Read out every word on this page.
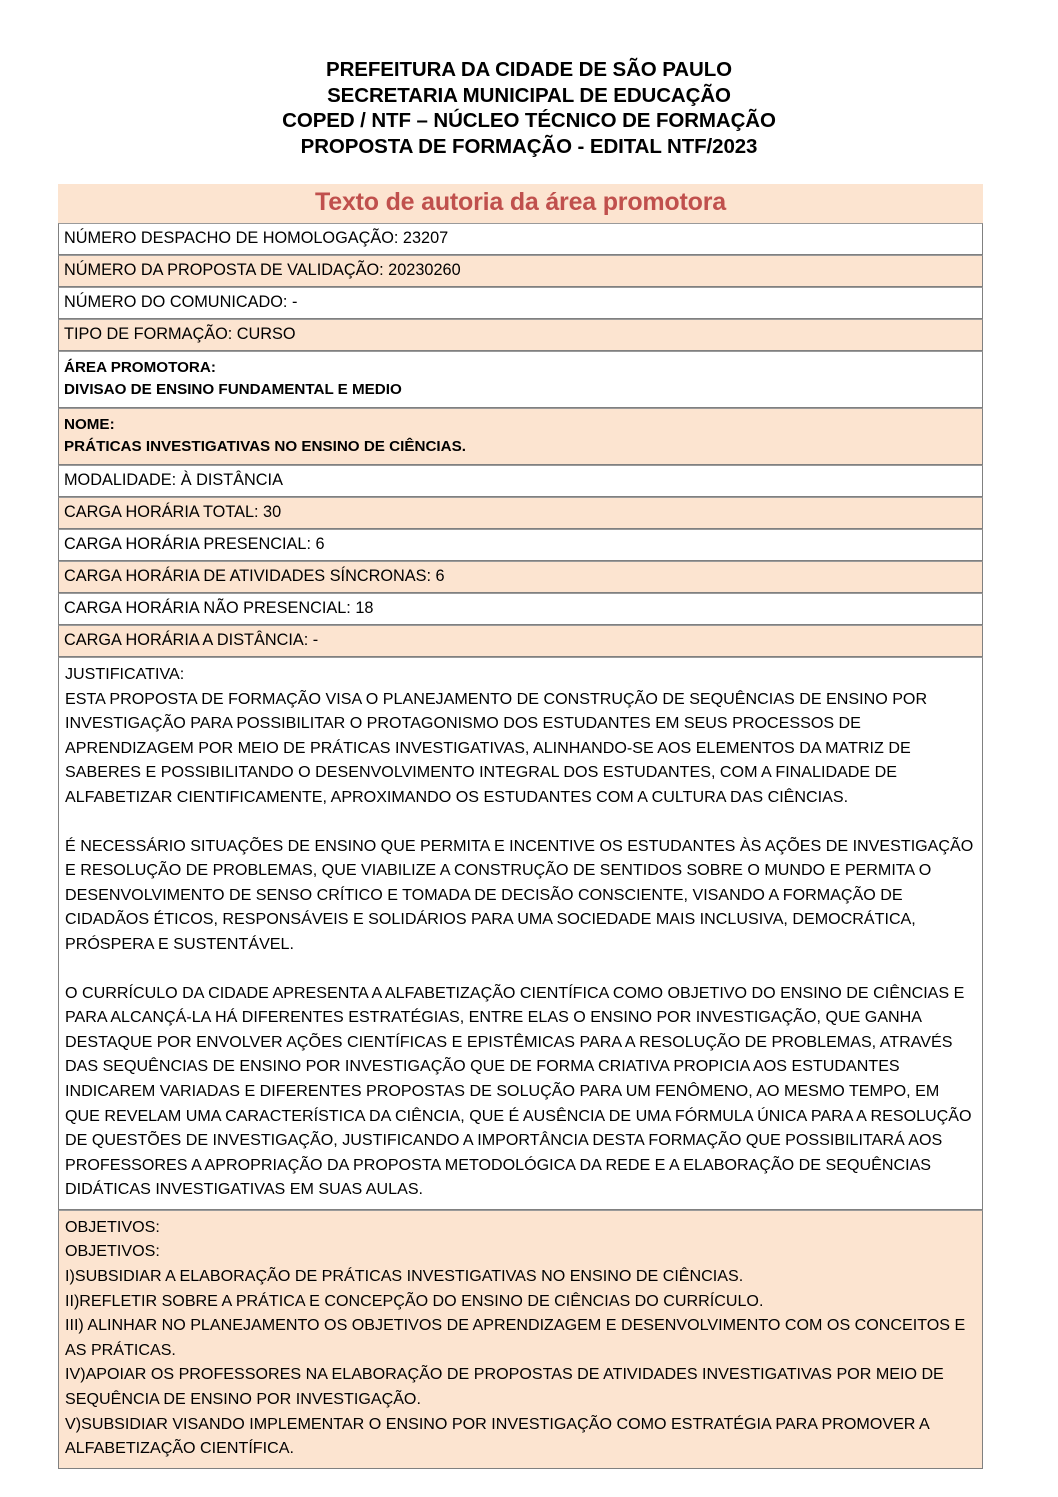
PREFEITURA DA CIDADE DE SÃO PAULO
SECRETARIA MUNICIPAL DE EDUCAÇÃO
COPED / NTF – NÚCLEO TÉCNICO DE FORMAÇÃO
PROPOSTA DE FORMAÇÃO - EDITAL NTF/2023
Texto de autoria da área promotora
NÚMERO DESPACHO DE HOMOLOGAÇÃO: 23207
NÚMERO DA PROPOSTA DE VALIDAÇÃO: 20230260
NÚMERO DO COMUNICADO: -
TIPO DE FORMAÇÃO: CURSO

ÁREA PROMOTORA:
DIVISAO DE ENSINO FUNDAMENTAL E MEDIO

NOME:
PRÁTICAS INVESTIGATIVAS NO ENSINO DE CIÊNCIAS.

MODALIDADE: À DISTÂNCIA
CARGA HORÁRIA TOTAL: 30
CARGA HORÁRIA PRESENCIAL: 6
CARGA HORÁRIA DE ATIVIDADES SÍNCRONAS: 6
CARGA HORÁRIA NÃO PRESENCIAL: 18
CARGA HORÁRIA A DISTÂNCIA: -

JUSTIFICATIVA:

ESTA PROPOSTA DE FORMAÇÃO VISA O PLANEJAMENTO DE CONSTRUÇÃO DE SEQUÊNCIAS DE ENSINO POR INVESTIGAÇÃO PARA POSSIBILITAR O PROTAGONISMO DOS ESTUDANTES EM SEUS PROCESSOS DE APRENDIZAGEM POR MEIO DE PRÁTICAS INVESTIGATIVAS, ALINHANDO-SE AOS ELEMENTOS DA MATRIZ DE SABERES E POSSIBILITANDO O DESENVOLVIMENTO INTEGRAL DOS ESTUDANTES, COM A FINALIDADE DE ALFABETIZAR CIENTIFICAMENTE, APROXIMANDO OS ESTUDANTES COM A CULTURA DAS CIÊNCIAS.

É NECESSÁRIO SITUAÇÕES DE ENSINO QUE PERMITA E INCENTIVE OS ESTUDANTES ÀS AÇÕES DE INVESTIGAÇÃO E RESOLUÇÃO DE PROBLEMAS, QUE VIABILIZE A CONSTRUÇÃO DE SENTIDOS SOBRE O MUNDO E PERMITA O DESENVOLVIMENTO DE SENSO CRÍTICO E TOMADA DE DECISÃO CONSCIENTE, VISANDO A FORMAÇÃO DE CIDADÃOS ÉTICOS, RESPONSÁVEIS E SOLIDÁRIOS PARA UMA SOCIEDADE MAIS INCLUSIVA, DEMOCRÁTICA, PRÓSPERA E SUSTENTÁVEL.

O CURRÍCULO DA CIDADE APRESENTA A ALFABETIZAÇÃO CIENTÍFICA COMO OBJETIVO DO ENSINO DE CIÊNCIAS E PARA ALCANÇÁ-LA HÁ DIFERENTES ESTRATÉGIAS, ENTRE ELAS O ENSINO POR INVESTIGAÇÃO, QUE GANHA DESTAQUE POR ENVOLVER AÇÕES CIENTÍFICAS E EPISTÊMICAS PARA A RESOLUÇÃO DE PROBLEMAS, ATRAVÉS DAS SEQUÊNCIAS DE ENSINO POR INVESTIGAÇÃO QUE DE FORMA CRIATIVA PROPICIA AOS ESTUDANTES INDICAREM VARIADAS E DIFERENTES PROPOSTAS DE SOLUÇÃO PARA UM FENÔMENO, AO MESMO TEMPO, EM QUE REVELAM UMA CARACTERÍSTICA DA CIÊNCIA, QUE É AUSÊNCIA DE UMA FÓRMULA ÚNICA PARA A RESOLUÇÃO DE QUESTÕES DE INVESTIGAÇÃO, JUSTIFICANDO A IMPORTÂNCIA DESTA FORMAÇÃO QUE POSSIBILITARÁ AOS PROFESSORES A APROPRIAÇÃO DA PROPOSTA METODOLÓGICA DA REDE E A ELABORAÇÃO DE SEQUÊNCIAS DIDÁTICAS INVESTIGATIVAS EM SUAS AULAS.

OBJETIVOS:
OBJETIVOS:

I)SUBSIDIAR A ELABORAÇÃO DE PRÁTICAS INVESTIGATIVAS NO ENSINO DE CIÊNCIAS.

II)REFLETIR SOBRE A PRÁTICA E CONCEPÇÃO DO ENSINO DE CIÊNCIAS DO CURRÍCULO.

III) ALINHAR NO PLANEJAMENTO OS OBJETIVOS DE APRENDIZAGEM E DESENVOLVIMENTO COM OS CONCEITOS E AS PRÁTICAS.

IV)APOIAR OS PROFESSORES NA ELABORAÇÃO DE PROPOSTAS DE ATIVIDADES INVESTIGATIVAS POR MEIO DE SEQUÊNCIA DE ENSINO POR INVESTIGAÇÃO.

V)SUBSIDIAR VISANDO IMPLEMENTAR O ENSINO POR INVESTIGAÇÃO COMO ESTRATÉGIA PARA PROMOVER A ALFABETIZAÇÃO CIENTÍFICA.
